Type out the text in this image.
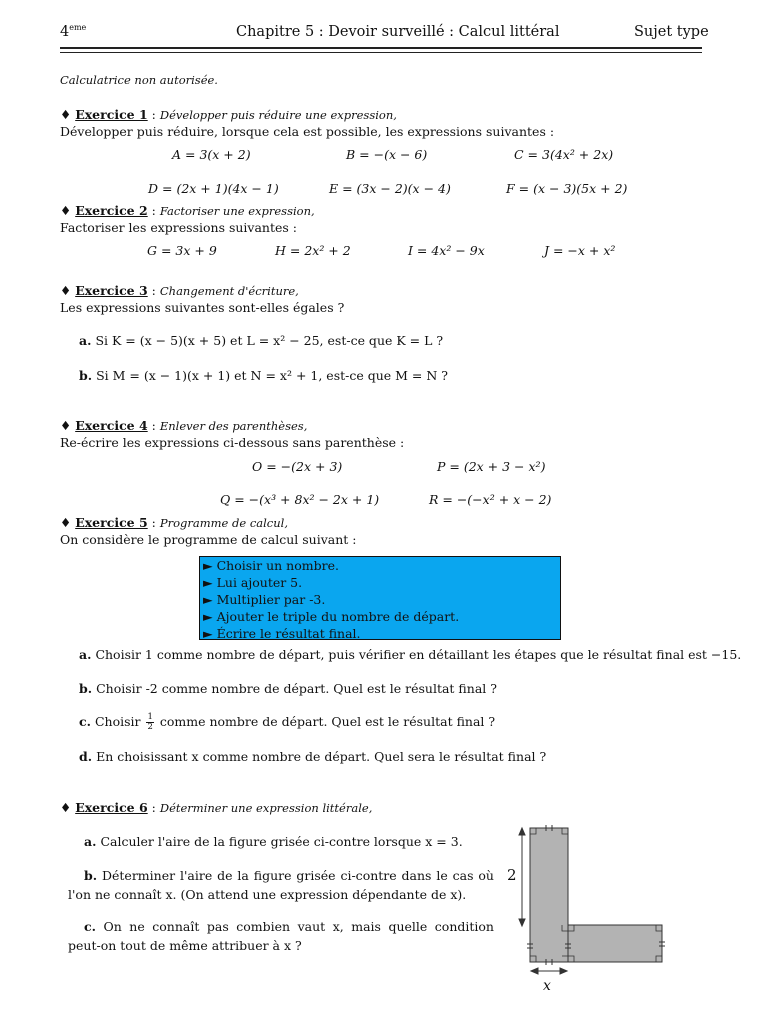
4eme	Chapitre 5 : Devoir surveillé : Calcul littéral	Sujet type
Calculatrice non autorisée.
♦ Exercice 1 : Développer puis réduire une expression,
Développer puis réduire, lorsque cela est possible, les expressions suivantes :
A = 3(x + 2)	B = −(x − 6)	C = 3(4x² + 2x)
D = (2x + 1)(4x − 1)	E = (3x − 2)(x − 4)	F = (x − 3)(5x + 2)
♦ Exercice 2 : Factoriser une expression,
Factoriser les expressions suivantes :
G = 3x + 9	H = 2x² + 2	I = 4x² − 9x	J = −x + x²
♦ Exercice 3 : Changement d'écriture,
Les expressions suivantes sont-elles égales ?
a. Si K = (x − 5)(x + 5) et L = x² − 25, est-ce que K = L ?
b. Si M = (x − 1)(x + 1) et N = x² + 1, est-ce que M = N ?
♦ Exercice 4 : Enlever des parenthèses,
Re-écrire les expressions ci-dessous sans parenthèse :
O = −(2x + 3)	P = (2x + 3 − x²)
Q = −(x³ + 8x² − 2x + 1)	R = −(−x² + x − 2)
♦ Exercice 5 : Programme de calcul,
On considère le programme de calcul suivant :
► Choisir un nombre.
► Lui ajouter 5.
► Multiplier par -3.
► Ajouter le triple du nombre de départ.
► Écrire le résultat final.
a. Choisir 1 comme nombre de départ, puis vérifier en détaillant les étapes que le résultat final est −15.
b. Choisir -2 comme nombre de départ. Quel est le résultat final ?
c. Choisir $\frac{1}{2}$ comme nombre de départ. Quel est le résultat final ?
d. En choisissant x comme nombre de départ. Quel sera le résultat final ?
♦ Exercice 6 : Déterminer une expression littérale,
a. Calculer l'aire de la figure grisée ci-contre lorsque x = 3.
b. Déterminer l'aire de la figure grisée ci-contre dans le cas où l'on ne connaît x. (On attend une expression dépendante de x).
c. On ne connaît pas combien vaut x, mais quelle condition peut-on tout de même attribuer à x ?
2
x
